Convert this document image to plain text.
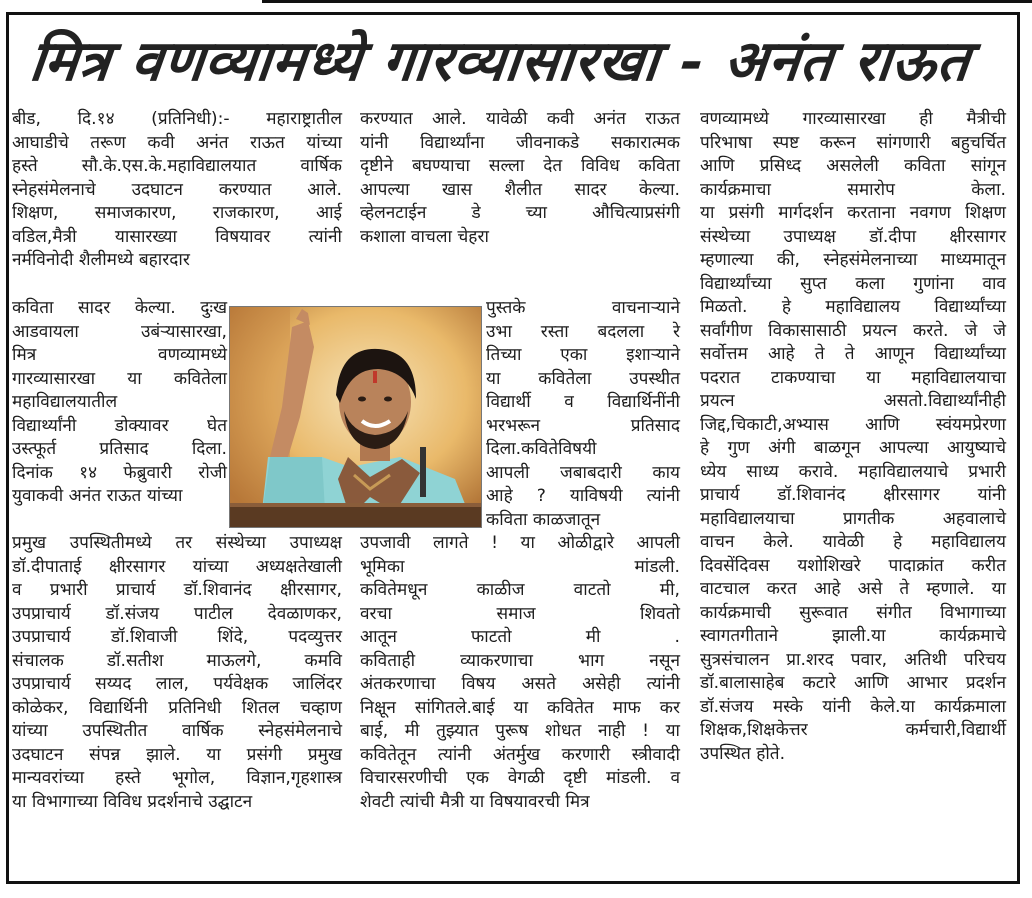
मित्र वणव्यामध्ये गारव्यासारखा - अनंत राऊत

बीड, दि.१४ (प्रतिनिधी):- महाराष्ट्रातील

आघाडीचे तरूण कवी अनंत राऊत यांच्या

हस्ते सौ.के.एस.के.महाविद्यालयात वार्षिक

स्नेहसंमेलनाचे उदघाटन करण्यात आले.

शिक्षण, समाजकारण, राजकारण, आई

वडिल,मैत्री यासारख्या विषयावर त्यांनी

नर्मविनोदी शैलीमध्ये बहारदार

कविता सादर केल्या. दुःख

आडवायला उबंऱ्यासारखा,

मित्र वणव्यामध्ये

गारव्यासारखा या कवितेला

महाविद्यालयातील

विद्यार्थ्यांनी डोक्यावर घेत

उस्त्फूर्त प्रतिसाद दिला.

दिनांक १४ फेब्रुवारी रोजी

युवाकवी अनंत राऊत यांच्या

प्रमुख उपस्थितीमध्ये तर संस्थेच्या उपाध्यक्ष

डॉ.दीपाताई क्षीरसागर यांच्या अध्यक्षतेखाली

व प्रभारी प्राचार्य डॉ.शिवानंद क्षीरसागर,

उपप्राचार्य डॉ.संजय पाटील देवळाणकर,

उपप्राचार्य डॉ.शिवाजी शिंदे, पदव्युत्तर

संचालक डॉ.सतीश माऊलगे, कमवि

उपप्राचार्य सय्यद लाल, पर्यवेक्षक जालिंदर

कोळेकर, विद्यार्थिनी प्रतिनिधी शितल चव्हाण

यांच्या उपस्थितीत वार्षिक स्नेहसंमेलनाचे

उदघाटन संपन्न झाले. या प्रसंगी प्रमुख

मान्यवरांच्या हस्ते भूगोल, विज्ञान,गृहशास्त्र

या विभागाच्या विविध प्रदर्शनाचे उद्घाटन

करण्यात आले. यावेळी कवी अनंत राऊत

यांनी विद्यार्थ्यांना जीवनाकडे सकारात्मक

दृष्टीने बघण्याचा सल्ला देत विविध कविता

आपल्या खास शैलीत सादर केल्या.

व्हेलनटाईन डे च्या औचित्याप्रसंगी

कशाला वाचला चेहरा

पुस्तके वाचनाऱ्याने

उभा रस्ता बदलला रे

तिच्या एका इशाऱ्याने

या कवितेला उपस्थीत

विद्यार्थी व विद्यार्थिनींनी

भरभरून प्रतिसाद

दिला.कवितेविषयी

आपली जबाबदारी काय

आहे ? याविषयी त्यांनी

कविता काळजातून

उपजावी लागते ! या ओळीद्वारे आपली

भूमिका मांडली.

कवितेमधून काळीज वाटतो मी,

वरचा समाज शिवतो

आतून फाटतो मी .

कविताही व्याकरणाचा भाग नसून

अंतकरणाचा विषय असते असेही त्यांनी

निक्षून सांगितले.बाई या कवितेत माफ कर

बाई, मी तुझ्यात पुरूष शोधत नाही ! या

कवितेतून त्यांनी अंतर्मुख करणारी स्त्रीवादी

विचारसरणीची एक वेगळी दृष्टी मांडली. व

शेवटी त्यांची मैत्री या विषयावरची मित्र

वणव्यामध्ये गारव्यासारखा ही मैत्रीची

परिभाषा स्पष्ट करून सांगणारी बहुचर्चित

आणि प्रसिध्द असलेली कविता सांगून

कार्यक्रमाचा समारोप केला.

या प्रसंगी मार्गदर्शन करताना नवगण शिक्षण

संस्थेच्या उपाध्यक्ष डॉ.दीपा क्षीरसागर

म्हणाल्या की, स्नेहसंमेलनाच्या माध्यमातून

विद्यार्थ्यांच्या सुप्त कला गुणांना वाव

मिळतो. हे महाविद्यालय विद्यार्थ्यांच्या

सर्वांगीण विकासासाठी प्रयत्न करते. जे जे

सर्वोत्तम आहे ते ते आणून विद्यार्थ्यांच्या

पदरात टाकण्याचा या महाविद्यालयाचा

प्रयत्न असतो.विद्यार्थ्यांनीही

जिद्द,चिकाटी,अभ्यास आणि स्वंयमप्रेरणा

हे गुण अंगी बाळगून आपल्या आयुष्याचे

ध्येय साध्य करावे. महाविद्यालयाचे प्रभारी

प्राचार्य डॉ.शिवानंद क्षीरसागर यांनी

महाविद्यालयाचा प्रागतीक अहवालाचे

वाचन केले. यावेळी हे महाविद्यालय

दिवसेंदिवस यशोशिखरे पादाक्रांत करीत

वाटचाल करत आहे असे ते म्हणाले. या

कार्यक्रमाची सुरूवात संगीत विभागाच्या

स्वागतगीताने झाली.या कार्यक्रमाचे

सुत्रसंचालन प्रा.शरद पवार, अतिथी परिचय

डॉ.बालासाहेब कटारे आणि आभार प्रदर्शन

डॉ.संजय मस्के यांनी केले.या कार्यक्रमाला

शिक्षक,शिक्षकेत्तर कर्मचारी,विद्यार्थी

उपस्थित होते.
